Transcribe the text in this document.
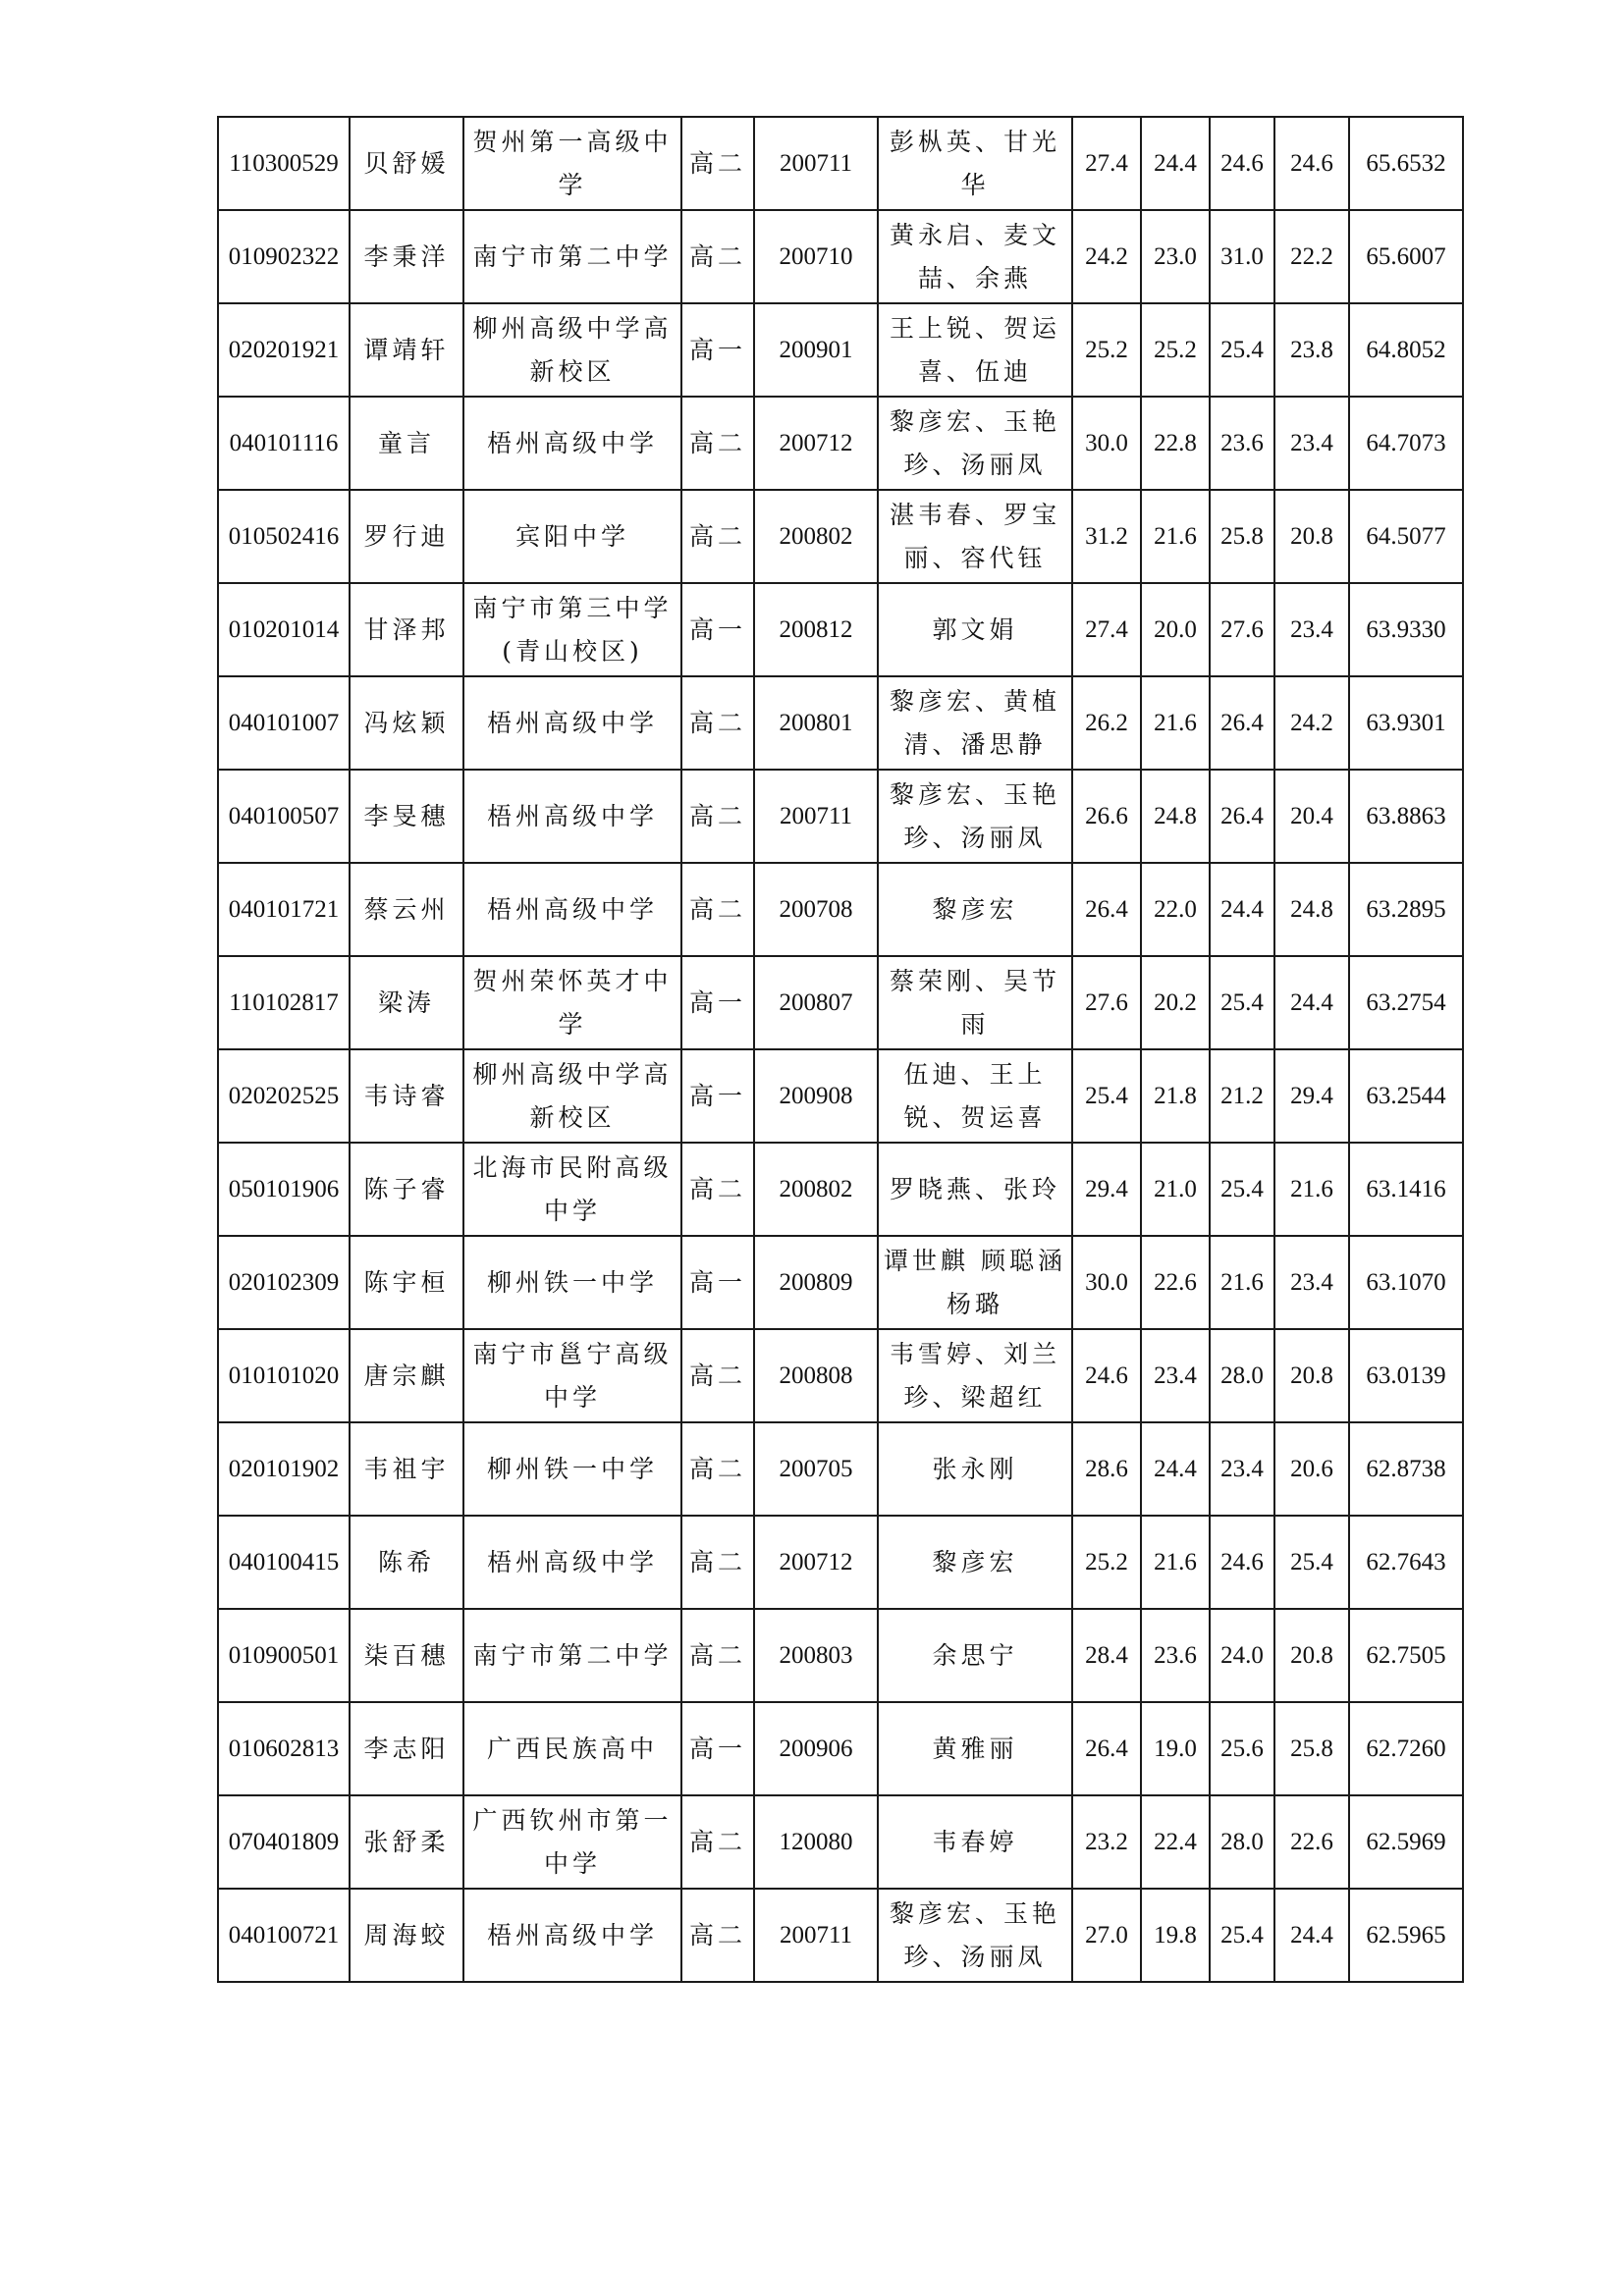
110300529	贝舒媛	贺州第一高级中学	高二	200711	彭枞英、甘光华	27.4	24.4	24.6	24.6	65.6532
010902322	李秉洋	南宁市第二中学	高二	200710	黄永启、麦文喆、余燕	24.2	23.0	31.0	22.2	65.6007
020201921	谭靖轩	柳州高级中学高新校区	高一	200901	王上锐、贺运喜、伍迪	25.2	25.2	25.4	23.8	64.8052
040101116	童言	梧州高级中学	高二	200712	黎彦宏、玉艳珍、汤丽凤	30.0	22.8	23.6	23.4	64.7073
010502416	罗行迪	宾阳中学	高二	200802	湛韦春、罗宝丽、容代钰	31.2	21.6	25.8	20.8	64.5077
010201014	甘泽邦	南宁市第三中学(青山校区)	高一	200812	郭文娟	27.4	20.0	27.6	23.4	63.9330
040101007	冯炫颖	梧州高级中学	高二	200801	黎彦宏、黄植清、潘思静	26.2	21.6	26.4	24.2	63.9301
040100507	李旻穗	梧州高级中学	高二	200711	黎彦宏、玉艳珍、汤丽凤	26.6	24.8	26.4	20.4	63.8863
040101721	蔡云州	梧州高级中学	高二	200708	黎彦宏	26.4	22.0	24.4	24.8	63.2895
110102817	梁涛	贺州荣怀英才中学	高一	200807	蔡荣刚、吴节雨	27.6	20.2	25.4	24.4	63.2754
020202525	韦诗睿	柳州高级中学高新校区	高一	200908	伍迪、王上锐、贺运喜	25.4	21.8	21.2	29.4	63.2544
050101906	陈子睿	北海市民附高级中学	高二	200802	罗晓燕、张玲	29.4	21.0	25.4	21.6	63.1416
020102309	陈宇桓	柳州铁一中学	高一	200809	谭世麒 顾聪涵杨璐	30.0	22.6	21.6	23.4	63.1070
010101020	唐宗麒	南宁市邕宁高级中学	高二	200808	韦雪婷、刘兰珍、梁超红	24.6	23.4	28.0	20.8	63.0139
020101902	韦祖宇	柳州铁一中学	高二	200705	张永刚	28.6	24.4	23.4	20.6	62.8738
040100415	陈希	梧州高级中学	高二	200712	黎彦宏	25.2	21.6	24.6	25.4	62.7643
010900501	柒百穗	南宁市第二中学	高二	200803	余思宁	28.4	23.6	24.0	20.8	62.7505
010602813	李志阳	广西民族高中	高一	200906	黄雅丽	26.4	19.0	25.6	25.8	62.7260
070401809	张舒柔	广西钦州市第一中学	高二	120080	韦春婷	23.2	22.4	28.0	22.6	62.5969
040100721	周海蛟	梧州高级中学	高二	200711	黎彦宏、玉艳珍、汤丽凤	27.0	19.8	25.4	24.4	62.5965
